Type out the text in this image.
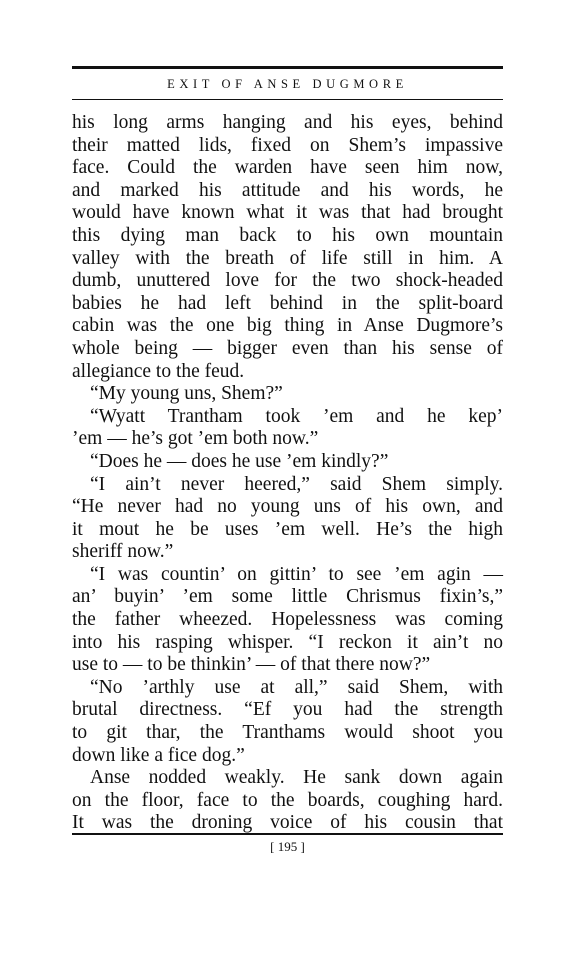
EXIT OF ANSE DUGMORE
his long arms hanging and his eyes, behind
their matted lids, fixed on Shem’s impassive
face. Could the warden have seen him now,
and marked his attitude and his words, he
would have known what it was that had brought
this dying man back to his own mountain
valley with the breath of life still in him. A
dumb, unuttered love for the two shock-headed
babies he had left behind in the split-board
cabin was the one big thing in Anse Dugmore’s
whole being — bigger even than his sense of
allegiance to the feud.
“My young uns, Shem?”
“Wyatt Trantham took ’em and he kep’
’em — he’s got ’em both now.”
“Does he — does he use ’em kindly?”
“I ain’t never heered,” said Shem simply.
“He never had no young uns of his own, and
it mout he be uses ’em well. He’s the high
sheriff now.”
“I was countin’ on gittin’ to see ’em agin —
an’ buyin’ ’em some little Chrismus fixin’s,”
the father wheezed. Hopelessness was coming
into his rasping whisper. “I reckon it ain’t no
use to — to be thinkin’ — of that there now?”
“No ’arthly use at all,” said Shem, with
brutal directness. “Ef you had the strength
to git thar, the Tranthams would shoot you
down like a fice dog.”
Anse nodded weakly. He sank down again
on the floor, face to the boards, coughing hard.
It was the droning voice of his cousin that
[ 195 ]
